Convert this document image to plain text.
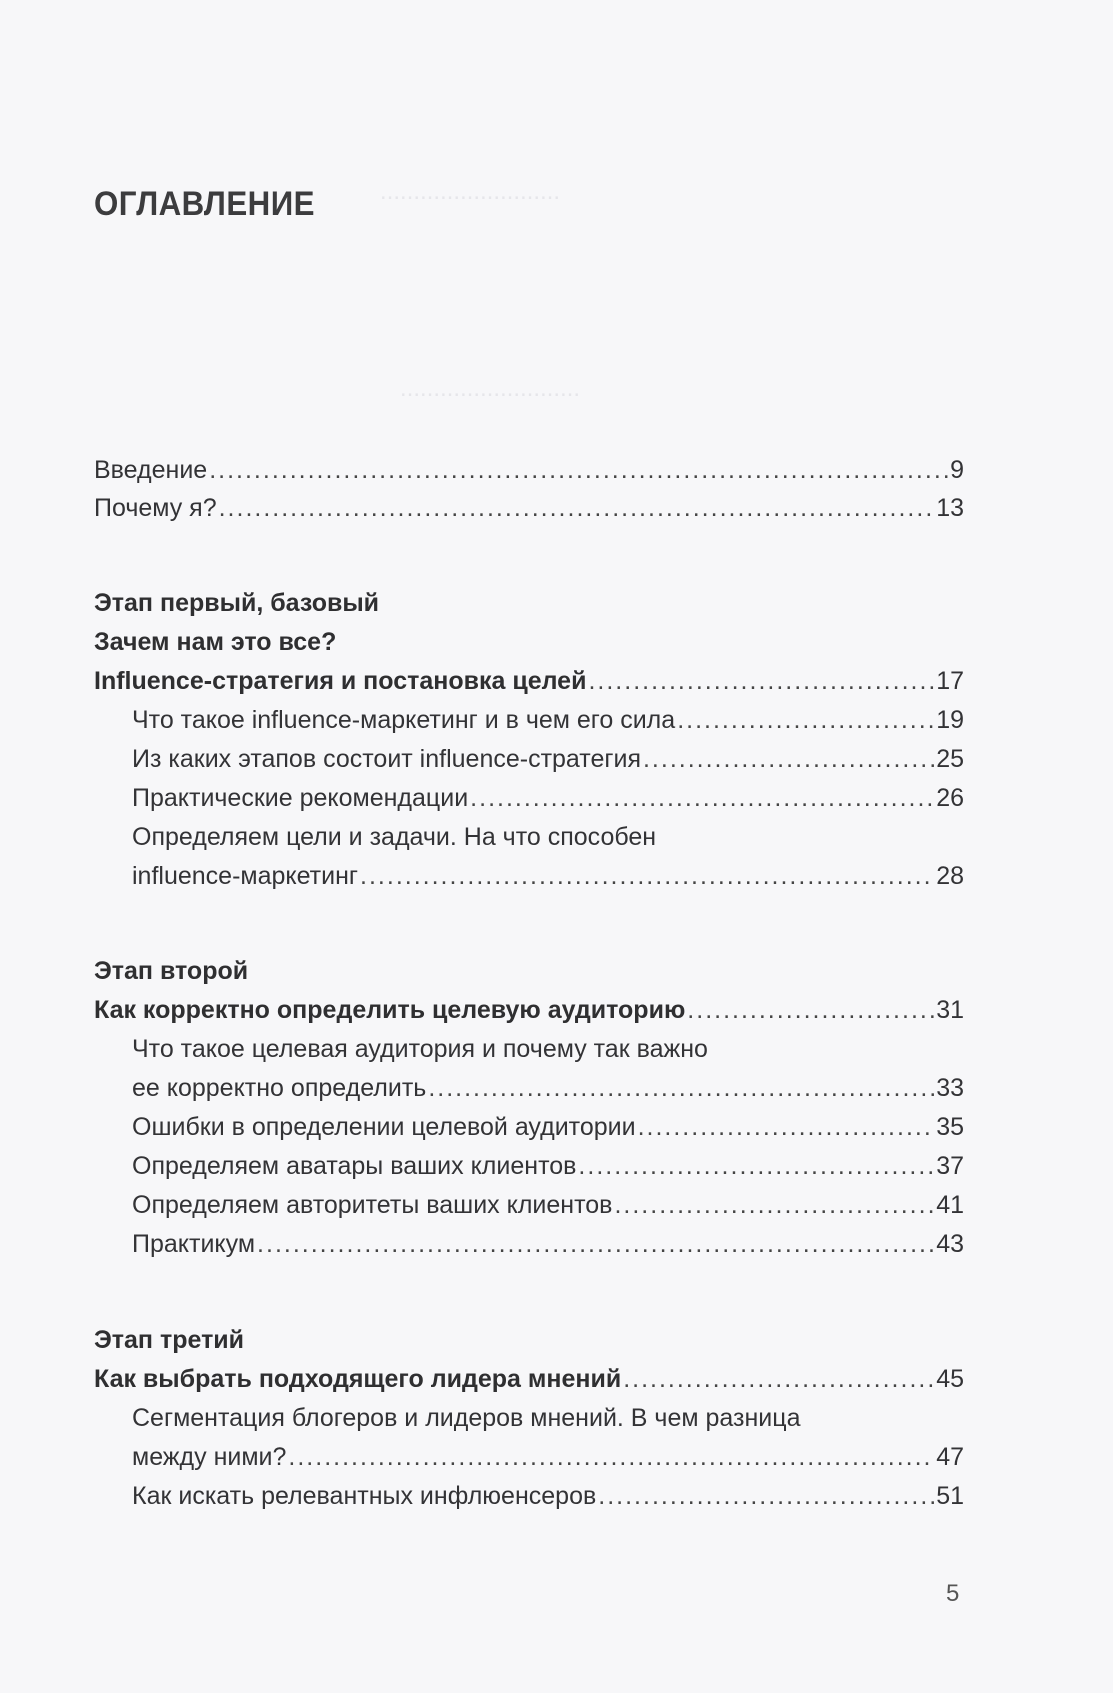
...........................
...........................
ОГЛАВЛЕНИЕ
Введение .....	9
Почему я? .....	13
Этап первый, базовый
Зачем нам это все?
Influence-стратегия и постановка целей .....	17
Что такое influence-маркетинг и в чем его сила .....	19
Из каких этапов состоит influence-стратегия .....	25
Практические рекомендации .....	26
Определяем цели и задачи. На что способен
influence-маркетинг .....	28
Этап второй
Как корректно определить целевую аудиторию .....	31
Что такое целевая аудитория и почему так важно
ее корректно определить .....	33
Ошибки в определении целевой аудитории .....	35
Определяем аватары ваших клиентов .....	37
Определяем авторитеты ваших клиентов .....	41
Практикум .....	43
Этап третий
Как выбрать подходящего лидера мнений .....	45
Сегментация блогеров и лидеров мнений. В чем разница
между ними? .....	47
Как искать релевантных инфлюенсеров .....	51
5
